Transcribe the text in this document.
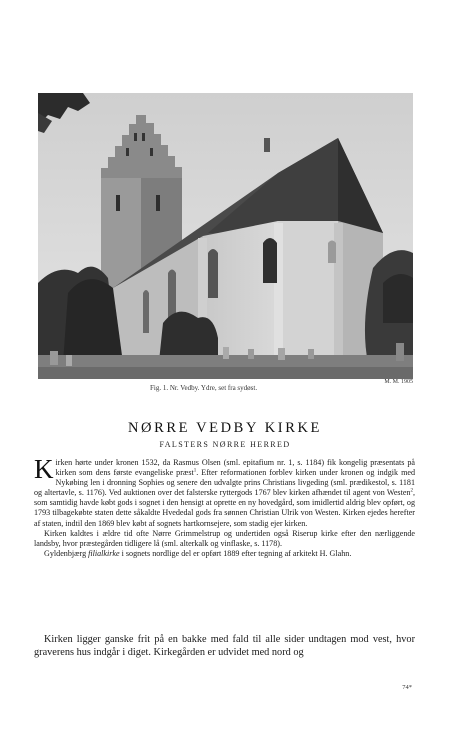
Fig. 1. Nr. Vedby. Ydre, set fra sydøst.
M. M. 1905
NØRRE VEDBY KIRKE
FALSTERS NØRRE HERRED

Kirken hørte under kronen 1532, da Rasmus Olsen (sml. epitafium nr. 1, s. 1184) fik kongelig præsentats på kirken som dens første evangeliske præst$^1$. Efter reformationen forblev kirken under kronen og indgik med Nykøbing len i dronning Sophies og senere den udvalgte prins Christians livgeding (sml. prædikestol, s. 1181 og altertavle, s. 1176). Ved auktionen over det falsterske ryttergods 1767 blev kirken afhændet til agent von Westen$^2$, som samtidig havde købt gods i sognet i den hensigt at oprette en ny hovedgård, som imidlertid aldrig blev opført, og 1793 tilbagekøbte staten dette såkaldte Hvededal gods fra sønnen Christian Ulrik von Westen. Kirken ejedes herefter af staten, indtil den 1869 blev købt af sognets hartkornsejere, som stadig ejer kirken.

Kirken kaldtes i ældre tid ofte Nørre Grimmelstrup og undertiden også Riserup kirke efter den nærliggende landsby, hvor præstegården tidligere lå (sml. alterkalk og vinflaske, s. 1178).

Gyldenbjærg filialkirke i sognets nordlige del er opført 1889 efter tegning af arkitekt H. Glahn.

Kirken ligger ganske frit på en bakke med fald til alle sider undtagen mod vest, hvor graverens hus indgår i diget. Kirkegården er udvidet med nord og

74*
